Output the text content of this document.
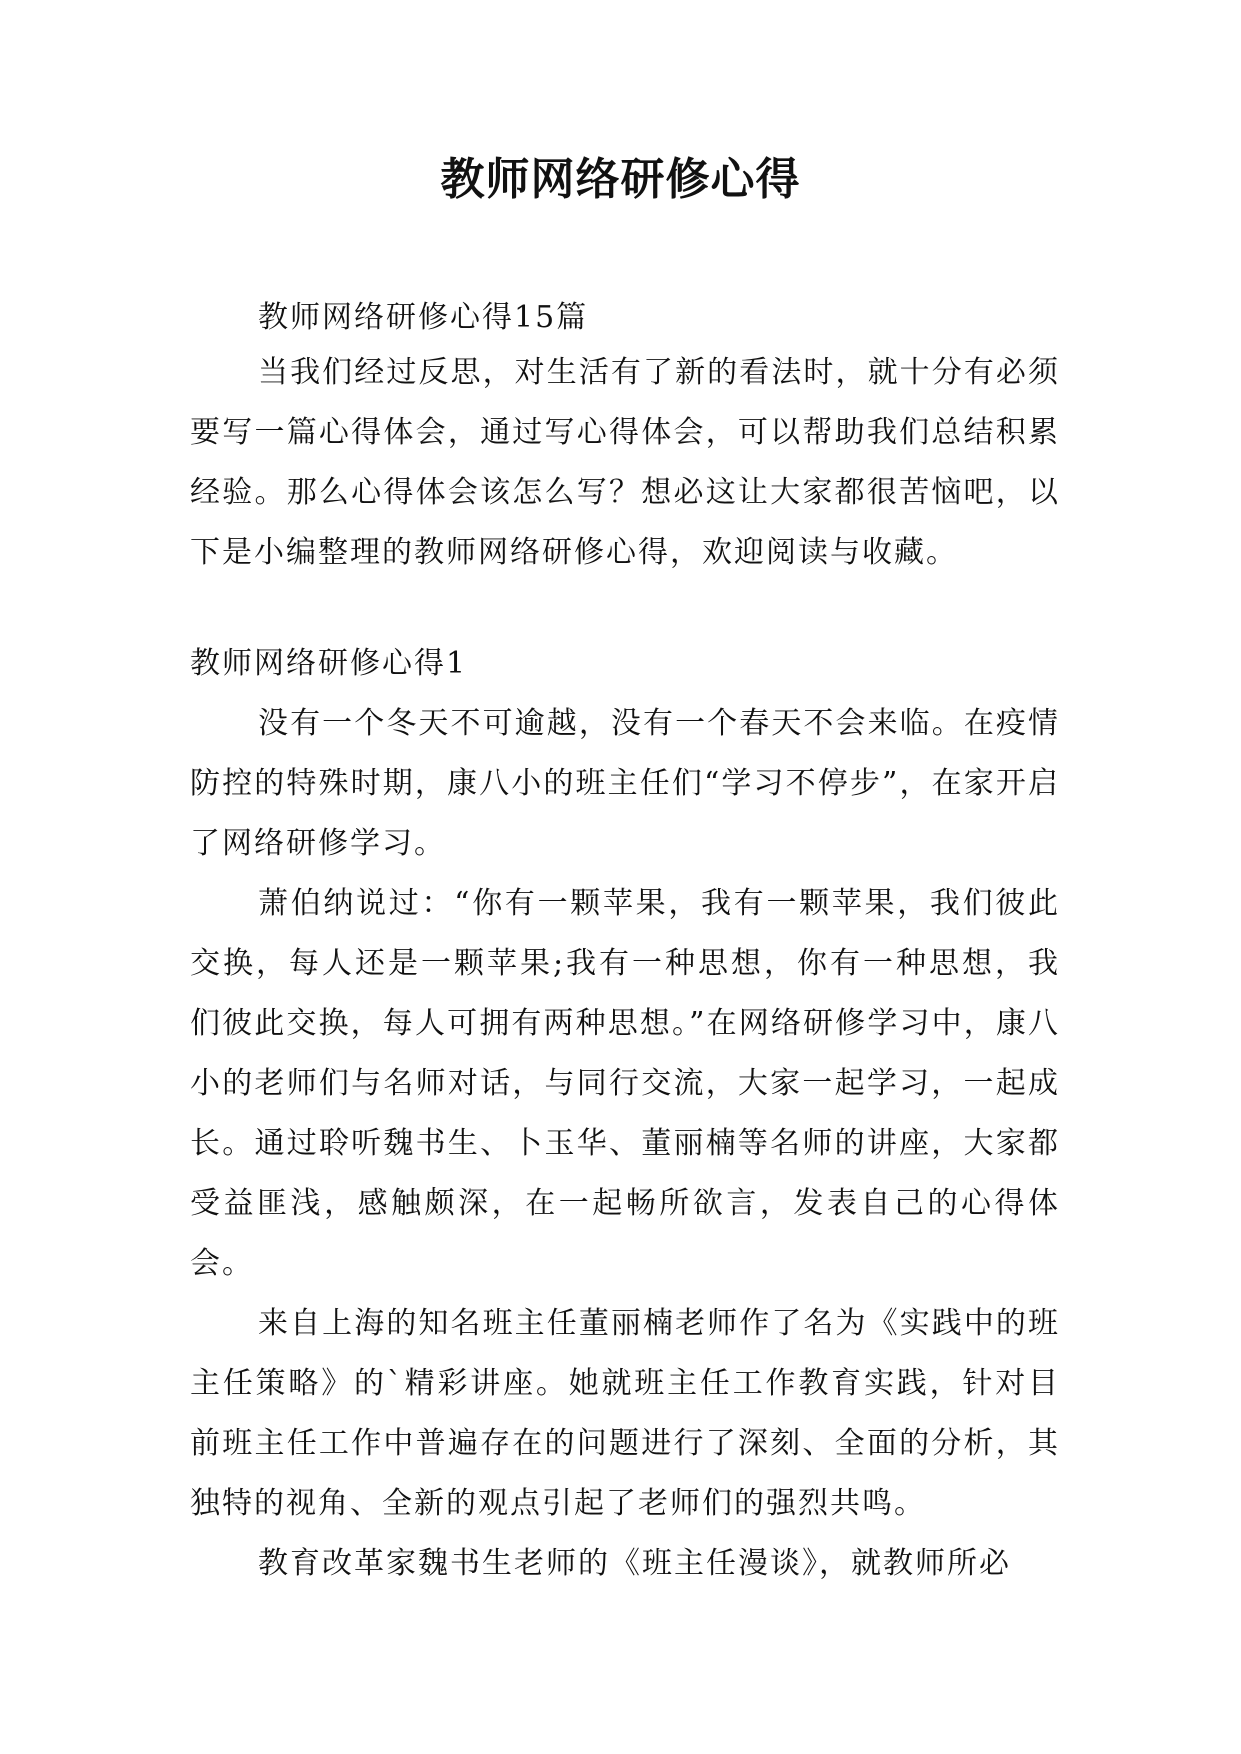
教师网络研修心得
教师网络研修心得15篇
当我们经过反思，对生活有了新的看法时，就十分有必须要写一篇心得体会，通过写心得体会，可以帮助我们总结积累经验。那么心得体会该怎么写？想必这让大家都很苦恼吧，以下是小编整理的教师网络研修心得，欢迎阅读与收藏。

教师网络研修心得1

没有一个冬天不可逾越，没有一个春天不会来临。在疫情防控的特殊时期，康八小的班主任们“学习不停步”，在家开启了网络研修学习。

萧伯纳说过：“你有一颗苹果，我有一颗苹果，我们彼此交换，每人还是一颗苹果;我有一种思想，你有一种思想，我们彼此交换，每人可拥有两种思想。”在网络研修学习中，康八小的老师们与名师对话，与同行交流，大家一起学习，一起成长。通过聆听魏书生、卜玉华、董丽楠等名师的讲座，大家都受益匪浅，感触颇深，在一起畅所欲言，发表自己的心得体会。

来自上海的知名班主任董丽楠老师作了名为《实践中的班主任策略》的`精彩讲座。她就班主任工作教育实践，针对目前班主任工作中普遍存在的问题进行了深刻、全面的分析，其独特的视角、全新的观点引起了老师们的强烈共鸣。

教育改革家魏书生老师的《班主任漫谈》，就教师所必
